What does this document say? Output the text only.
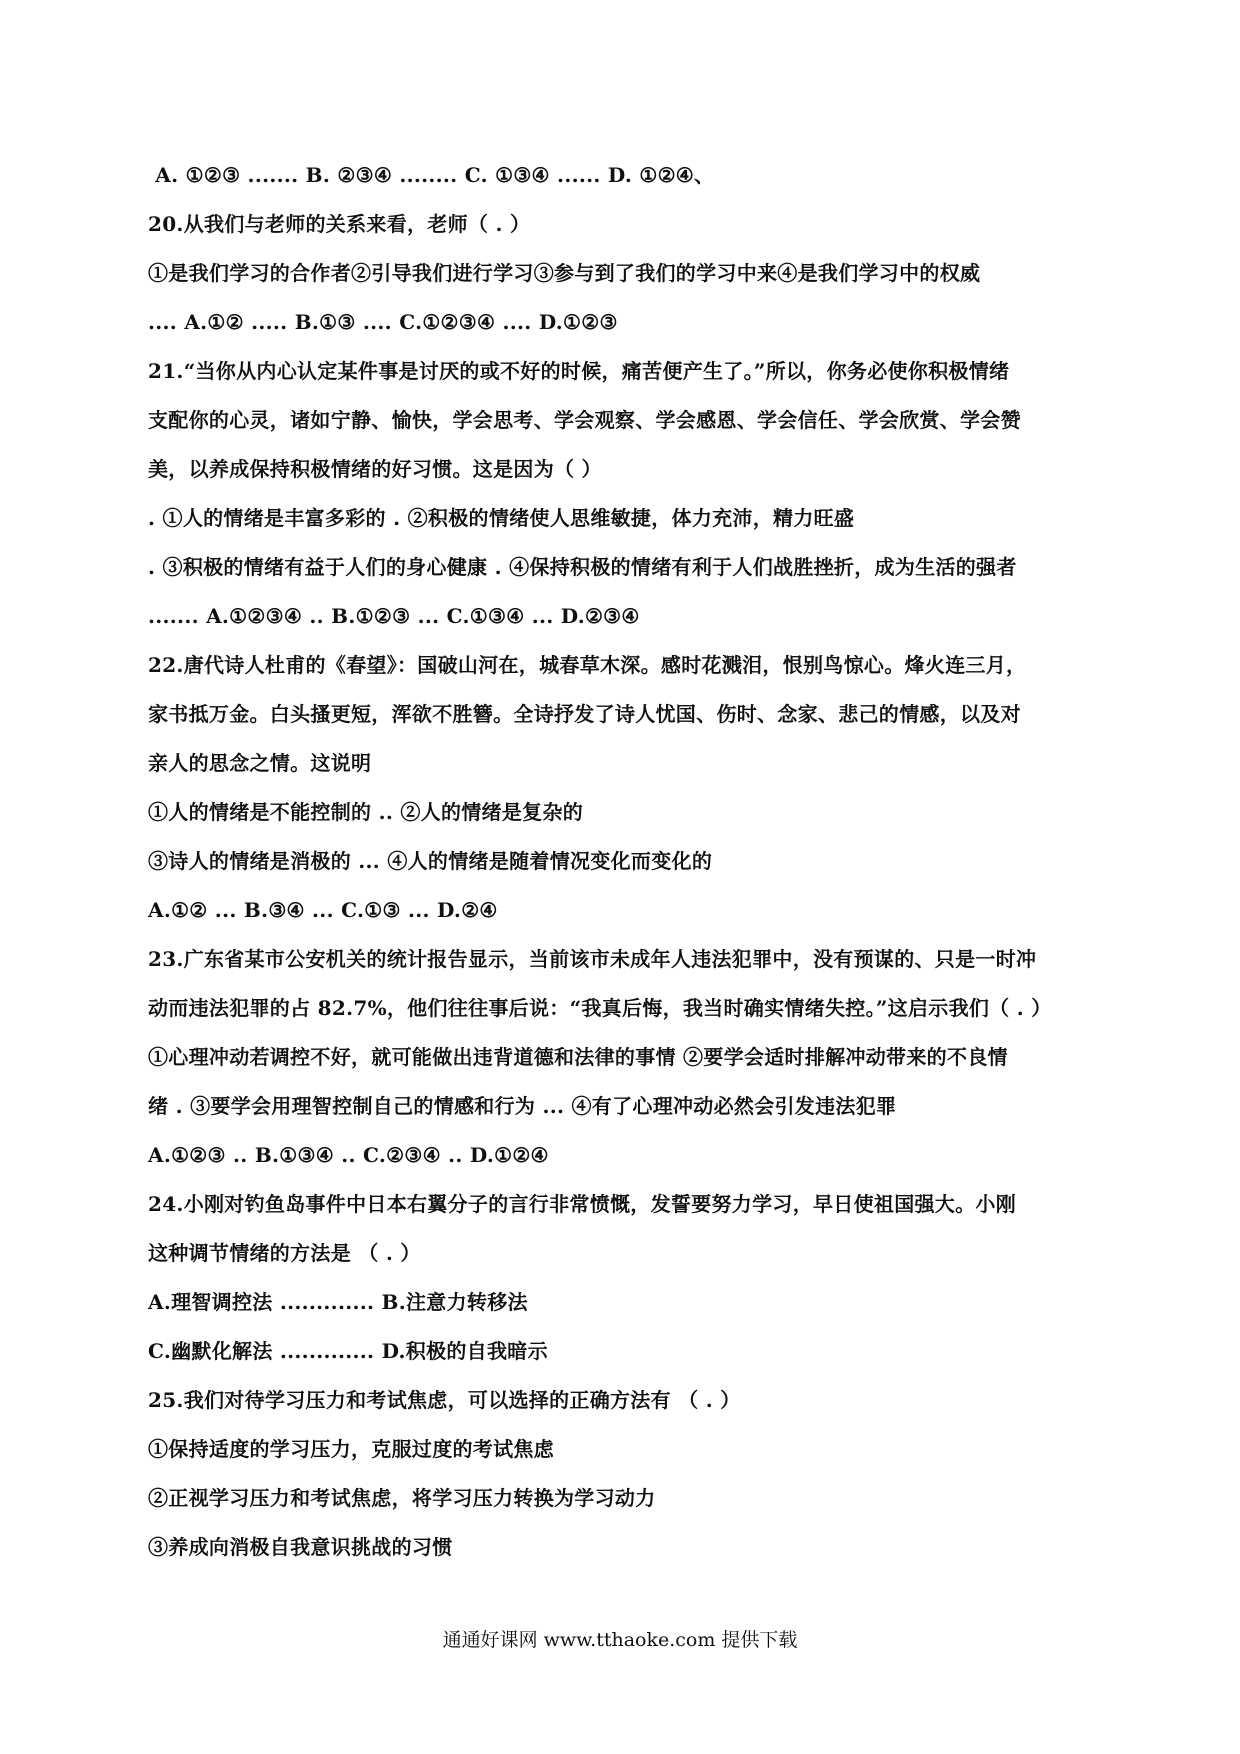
A. ①②③ ....... B. ②③④ ........ C. ①③④ ...... D. ①②④、
20.从我们与老师的关系来看，老师（ . ）
①是我们学习的合作者②引导我们进行学习③参与到了我们的学习中来④是我们学习中的权威
.... A.①② ..... B.①③ .... C.①②③④ .... D.①②③
21.“当你从内心认定某件事是讨厌的或不好的时候，痛苦便产生了。”所以，你务必使你积极情绪
支配你的心灵，诸如宁静、愉快，学会思考、学会观察、学会感恩、学会信任、学会欣赏、学会赞
美，以养成保持积极情绪的好习惯。这是因为（ ）
. ①人的情绪是丰富多彩的 . ②积极的情绪使人思维敏捷，体力充沛，精力旺盛
. ③积极的情绪有益于人们的身心健康 . ④保持积极的情绪有利于人们战胜挫折，成为生活的强者
....... A.①②③④ .. B.①②③ ... C.①③④ ... D.②③④
22.唐代诗人杜甫的《春望》：国破山河在，城春草木深。感时花溅泪，恨别鸟惊心。烽火连三月，
家书抵万金。白头搔更短，浑欲不胜簪。全诗抒发了诗人忧国、伤时、念家、悲己的情感，以及对
亲人的思念之情。这说明
①人的情绪是不能控制的 .. ②人的情绪是复杂的
③诗人的情绪是消极的 ... ④人的情绪是随着情况变化而变化的
A.①② ... B.③④ ... C.①③ ... D.②④
23.广东省某市公安机关的统计报告显示，当前该市未成年人违法犯罪中，没有预谋的、只是一时冲
动而违法犯罪的占 82.7%，他们往往事后说：“我真后悔，我当时确实情绪失控。”这启示我们（ . ）
①心理冲动若调控不好，就可能做出违背道德和法律的事情 ②要学会适时排解冲动带来的不良情
绪 . ③要学会用理智控制自己的情感和行为 ... ④有了心理冲动必然会引发违法犯罪
A.①②③ .. B.①③④ .. C.②③④ .. D.①②④
24.小刚对钓鱼岛事件中日本右翼分子的言行非常愤慨，发誓要努力学习，早日使祖国强大。小刚
这种调节情绪的方法是 （ . ）
A.理智调控法 ............. B.注意力转移法
C.幽默化解法 ............. D.积极的自我暗示
25.我们对待学习压力和考试焦虑，可以选择的正确方法有 （ . ）
①保持适度的学习压力，克服过度的考试焦虑
②正视学习压力和考试焦虑，将学习压力转换为学习动力
③养成向消极自我意识挑战的习惯
通通好课网 www.tthaoke.com 提供下载
